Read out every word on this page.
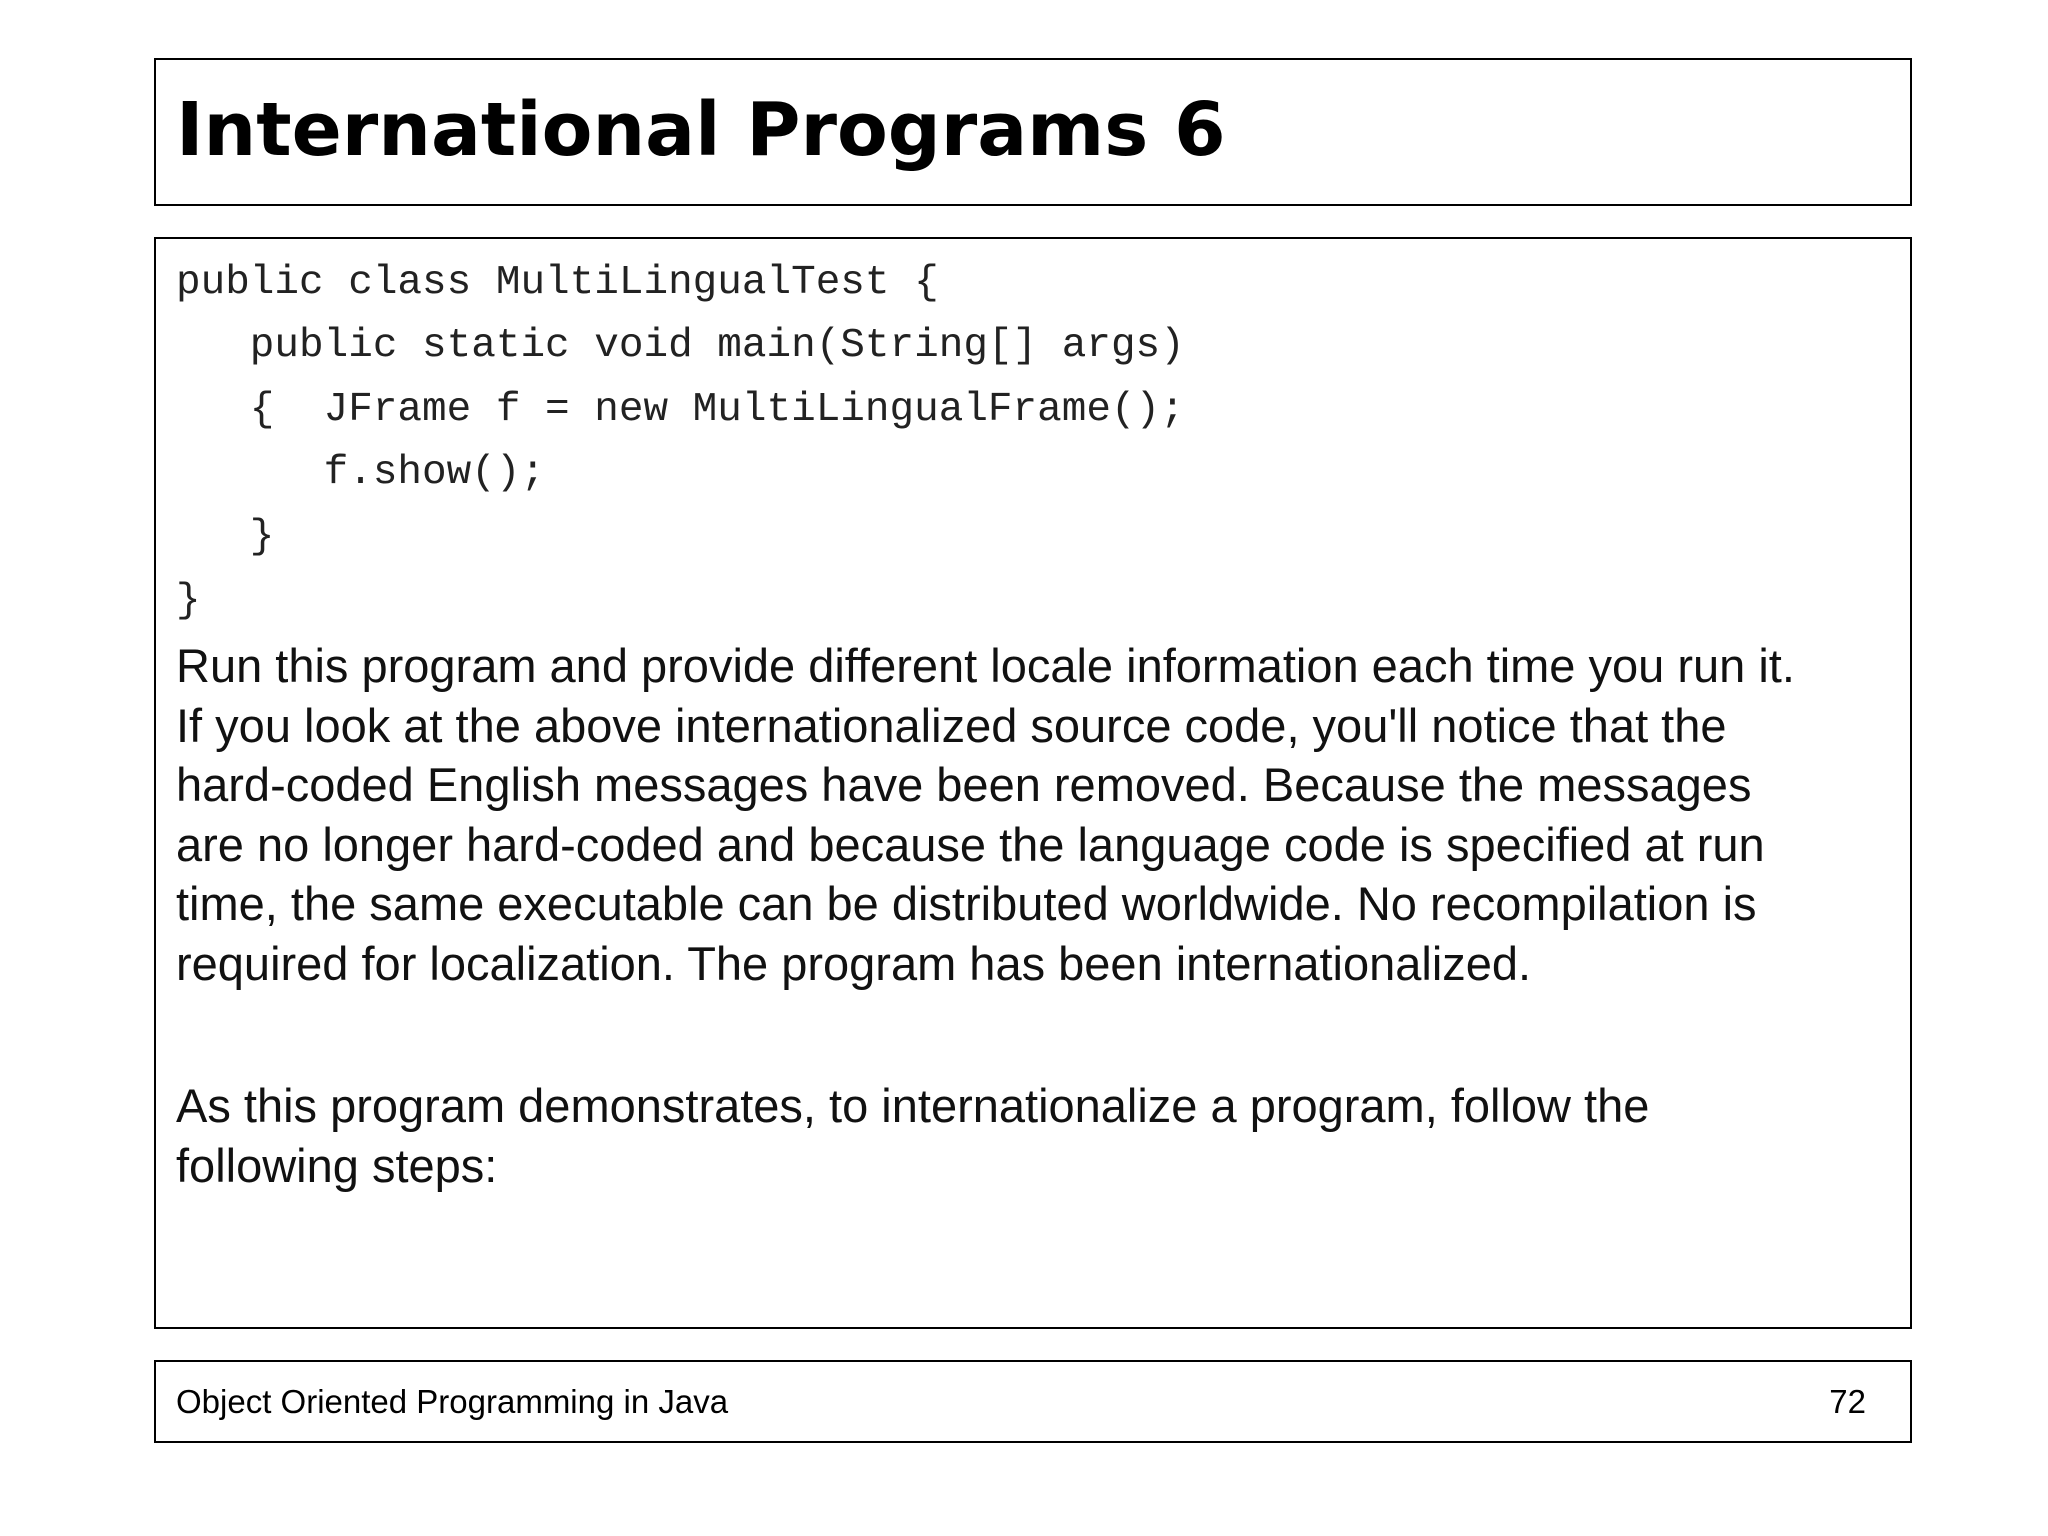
International Programs 6
public class MultiLingualTest {
public static void main(String[] args)
{  JFrame f = new MultiLingualFrame();
f.show();
}
}
Run this program and provide different locale information each time you run it.
If you look at the above internationalized source code, you'll notice that the
hard-coded English messages have been removed. Because the messages
are no longer hard-coded and because the language code is specified at run
time, the same executable can be distributed worldwide. No recompilation is
required for localization. The program has been internationalized.
As this program demonstrates, to internationalize a program, follow the
following steps:
Object Oriented Programming in Java	72
